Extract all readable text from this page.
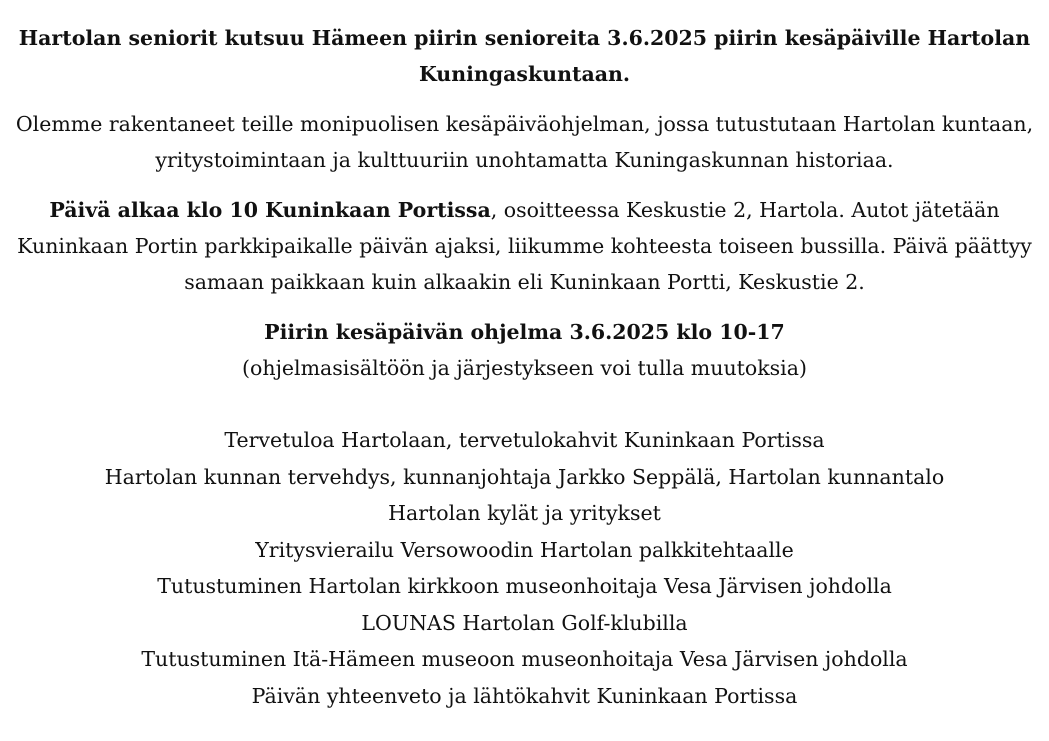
Hartolan seniorit kutsuu Hämeen piirin senioreita 3.6.2025 piirin kesäpäiville Hartolan Kuningaskuntaan.

Olemme rakentaneet teille monipuolisen kesäpäiväohjelman, jossa tutustutaan Hartolan kuntaan, yritystoimintaan ja kulttuuriin unohtamatta Kuningaskunnan historiaa.

Päivä alkaa klo 10 Kuninkaan Portissa, osoitteessa Keskustie 2, Hartola. Autot jätetään Kuninkaan Portin parkkipaikalle päivän ajaksi, liikumme kohteesta toiseen bussilla. Päivä päättyy samaan paikkaan kuin alkaakin eli Kuninkaan Portti, Keskustie 2.

Piirin kesäpäivän ohjelma 3.6.2025 klo 10-17
(ohjelmasisältöön ja järjestykseen voi tulla muutoksia)
Tervetuloa Hartolaan, tervetulokahvit Kuninkaan Portissa
Hartolan kunnan tervehdys, kunnanjohtaja Jarkko Seppälä, Hartolan kunnantalo
Hartolan kylät ja yritykset
Yritysvierailu Versowoodin Hartolan palkkitehtaalle
Tutustuminen Hartolan kirkkoon museonhoitaja Vesa Järvisen johdolla
LOUNAS Hartolan Golf-klubilla
Tutustuminen Itä-Hämeen museoon museonhoitaja Vesa Järvisen johdolla
Päivän yhteenveto ja lähtökahvit Kuninkaan Portissa
